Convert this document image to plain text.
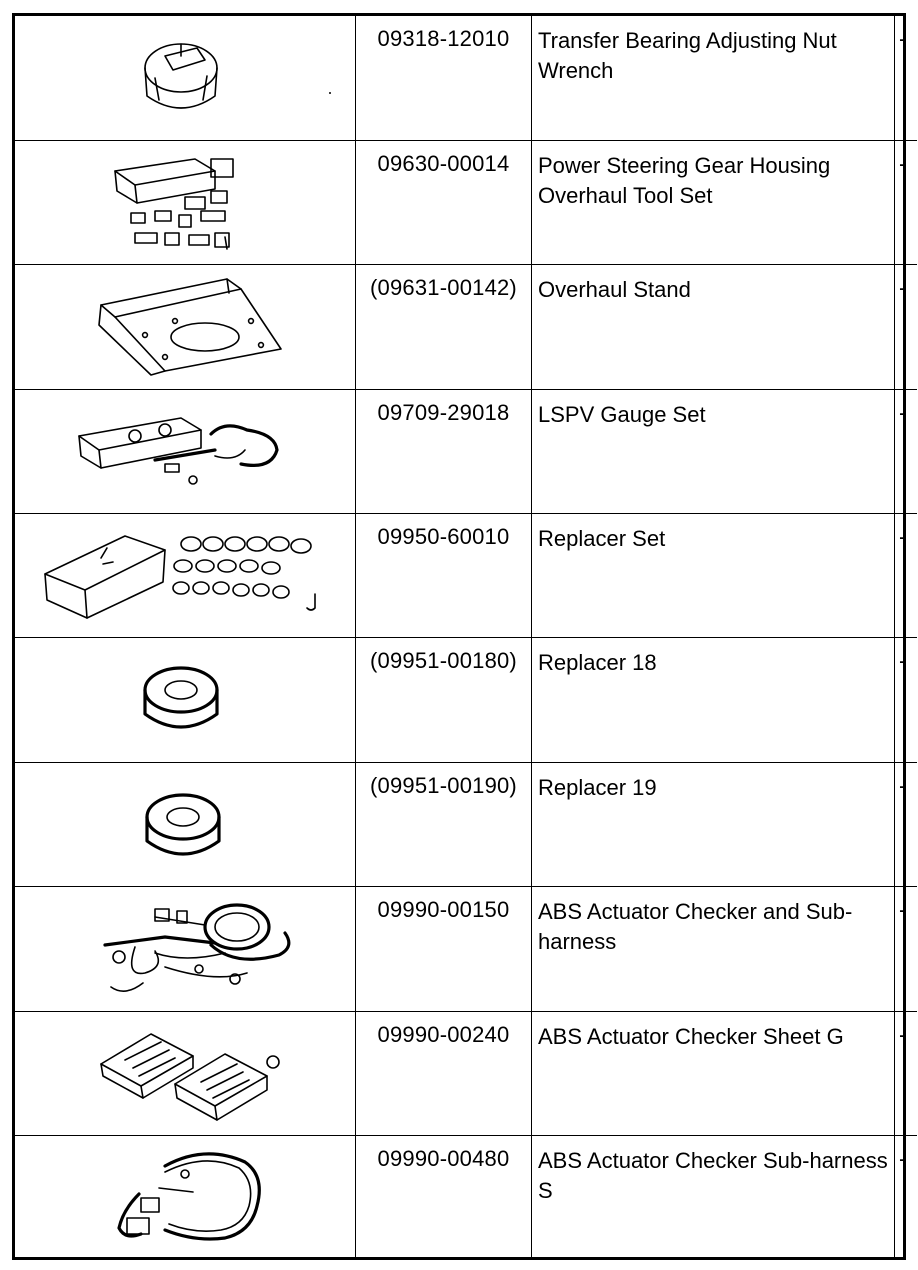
	09318-12010	Transfer Bearing Adjusting Nut Wrench	-

	09630-00014	Power Steering Gear Housing Overhaul Tool Set	-

	(09631-00142)	Overhaul Stand	-

	09709-29018	LSPV Gauge Set	-

	09950-60010	Replacer Set	-

	(09951-00180)	Replacer 18	-

	(09951-00190)	Replacer 19	-

	09990-00150	ABS Actuator Checker and Sub-harness	-

	09990-00240	ABS Actuator Checker Sheet G	-

	09990-00480	ABS Actuator Checker Sub-harness S	-
